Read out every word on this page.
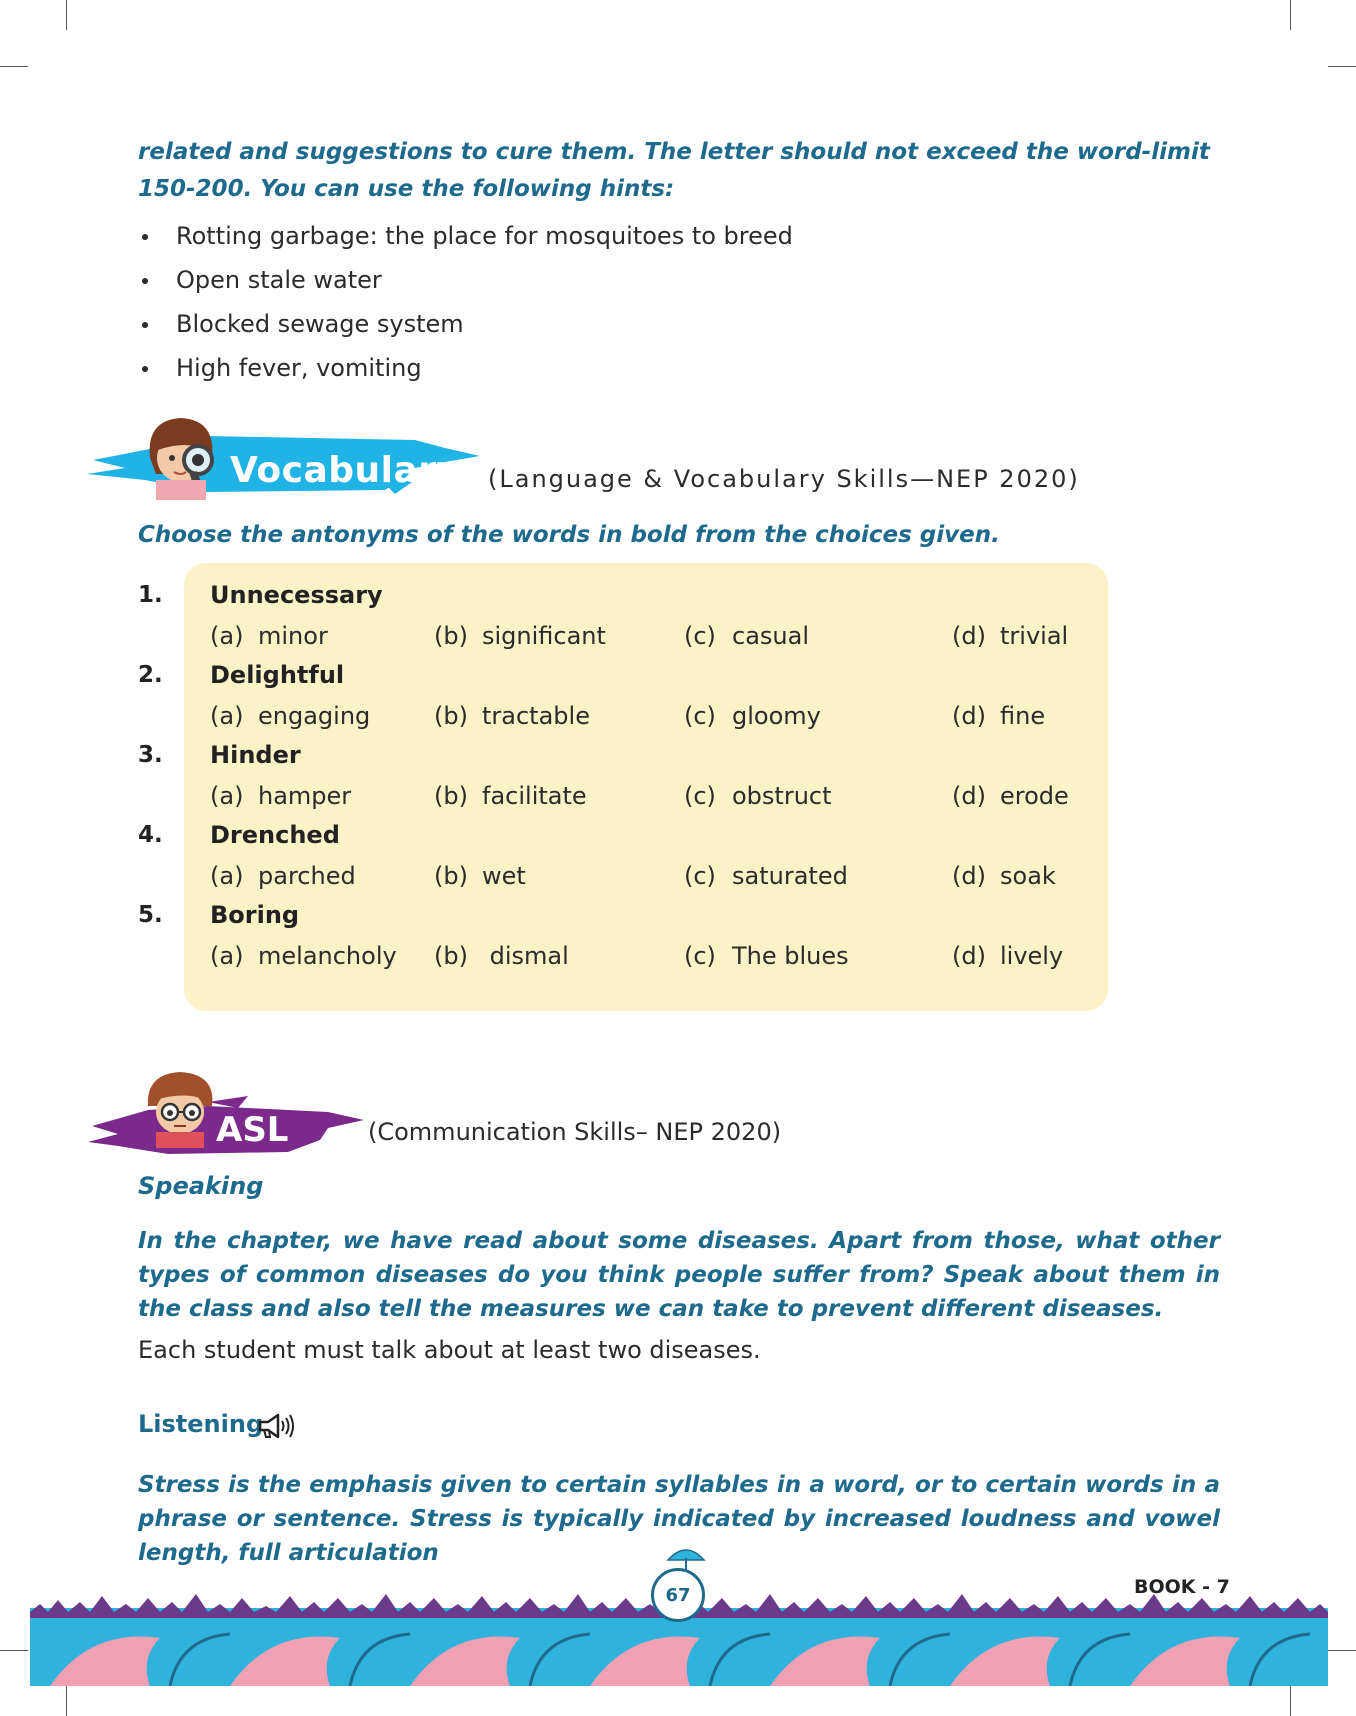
related and suggestions to cure them. The letter should not exceed the word-limit 150-200. You can use the following hints:

Rotting garbage: the place for mosquitoes to breed
Open stale water
Blocked sewage system
High fever, vomiting
Vocabulary (Language & Vocabulary Skills—NEP 2020)

Choose the antonyms of the words in bold from the choices given.

1. Unnecessary
(a) minor	(b) significant	(c) casual	(d) trivial
2. Delightful
(a) engaging	(b) tractable	(c) gloomy	(d) fine
3. Hinder
(a) hamper	(b) facilitate	(c) obstruct	(d) erode
4. Drenched
(a) parched	(b) wet	(c) saturated	(d) soak
5. Boring
(a) melancholy (b) dismal	(c) The blues	(d) lively
ASL	(Communication Skills– NEP 2020)
Speaking

In the chapter, we have read about some diseases. Apart from those, what other types of common diseases do you think people suffer from? Speak about them in the class and also tell the measures we can take to prevent different diseases.

Each student must talk about at least two diseases.

Listening

Stress is the emphasis given to certain syllables in a word, or to certain words in a phrase or sentence. Stress is typically indicated by increased loudness and vowel length, full articulation

67	BOOK - 7
